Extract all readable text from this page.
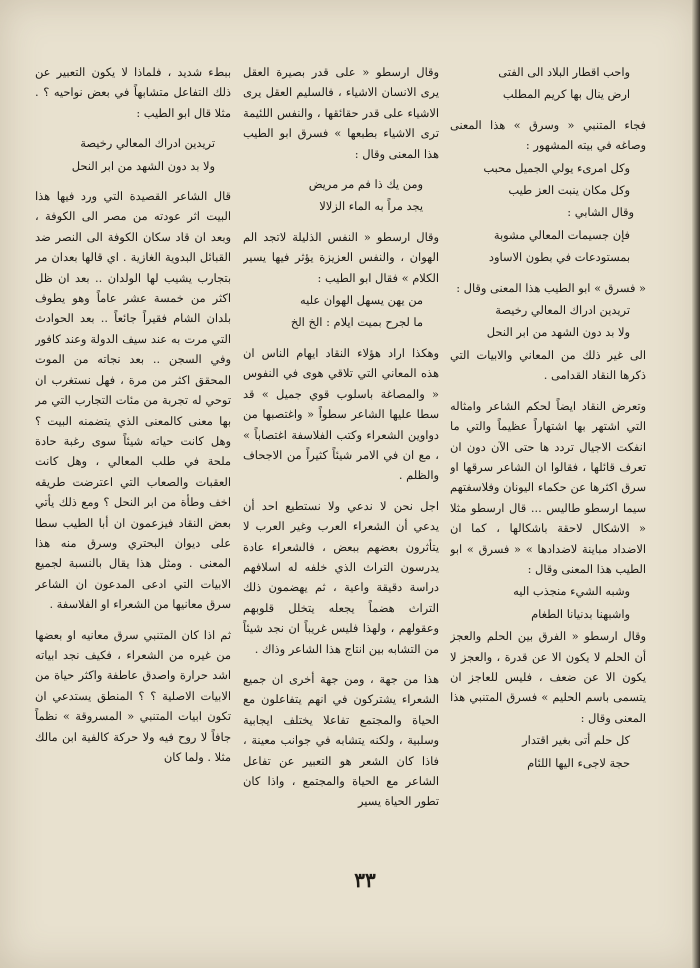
واحب اقطار البلاد الى الفتى

ارض ينال بها كريم المطلب

فجاء المتنبي « وسرق » هذا المعنى وصاغه في بيته المشهور :

وكل امرىء يولي الجميل محبب

وكل مكان ينبت العز طيب

وقال الشابي :

فإن جسيمات المعالي مشوبة

بمستودعات في بطون الاساود

« فسرق » ابو الطيب هذا المعنى وقال :

تريدين ادراك المعالي رخيصة

ولا بد دون الشهد من ابر النحل

الى غير ذلك من المعاني والابيات التي ذكرها النقاد القدامى .

وتعرض النقاد ايضاً لحكم الشاعر وامثاله التي اشتهر بها اشتهاراً عظيماً والتي ما انفكت الاجيال تردد ها حتى الآن دون ان تعرف قائلها ، فقالوا ان الشاعر سرقها او سرق اكثرها عن حكماء اليونان وفلاسفتهم سيما ارسطو طاليس ... قال ارسطو مثلا « الاشكال لاحقة باشكالها ، كما ان الاضداد مباينة لاضدادها » « فسرق » ابو الطيب هذا المعنى وقال :

وشبه الشيء منجذب اليه

واشبهنا بدنيانا الطغام

وقال ارسطو « الفرق بين الحلم والعجز أن الحلم لا يكون الا عن قدرة ، والعجز لا يكون الا عن ضعف ، فليس للعاجز ان يتسمى باسم الحليم » فسرق المتنبي هذا المعنى وقال :

كل حلم أتى بغير اقتدار

حجة لاجىء اليها اللئام

وقال ارسطو « على قدر بصيرة العقل يرى الانسان الاشياء ، فالسليم العقل يرى الاشياء على قدر حقائقها ، والنفس اللئيمة ترى الاشياء بطبعها » فسرق ابو الطيب هذا المعنى وقال :

ومن يك ذا فم مر مريض

يجد مراً به الماء الزلالا

وقال ارسطو « النفس الذليلة لاتجد الم الهوان ، والنفس العزيزة يؤثر فيها يسير الكلام » فقال ابو الطيب :

من يهن يسهل الهوان عليه

ما لجرح بميت ايلام : الخ الخ

وهكذا اراد هؤلاء النقاد ايهام الناس ان هذه المعاني التي تلاقي هوى في النفوس « والمصاغة باسلوب قوي جميل » قد سطا عليها الشاعر سطواً « واغتصبها من دواوين الشعراء وكتب الفلاسفة اغتصاباً » ، مع ان في الامر شيئاً كثيراً من الاجحاف والظلم .

اجل نحن لا ندعي ولا نستطيع احد أن يدعي أن الشعراء العرب وغير العرب لا يتأثرون بعضهم ببعض ، فالشعراء عادة يدرسون التراث الذي خلفه له اسلافهم دراسة دقيقة واعية ، ثم يهضمون ذلك التراث هضماً يجعله يتخلل قلوبهم وعقولهم ، ولهذا فليس غريباً ان نجد شيئاً من التشابه بين انتاج هذا الشاعر وذاك .

هذا من جهة ، ومن جهة أخرى ان جميع الشعراء يشتركون في انهم يتفاعلون مع الحياة والمجتمع تفاعلا يختلف ايجابية وسلبية ، ولكنه يتشابه في جوانب معينة ، فاذا كان الشعر هو التعبير عن تفاعل الشاعر مع الحياة والمجتمع ، واذا كان تطور الحياة يسير

ببطء شديد ، فلماذا لا يكون التعبير عن ذلك التفاعل متشابهاً في بعض نواحيه ؟ . مثلا قال ابو الطيب :

تريدين ادراك المعالي رخيصة

ولا بد دون الشهد من ابر النحل

قال الشاعر القصيدة التي ورد فيها هذا البيت اثر عودته من مصر الى الكوفة ، وبعد ان قاد سكان الكوفة الى النصر ضد القبائل البدوية الغازية . اي قالها بعدان مر بتجارب يشيب لها الولدان .. بعد ان ظل اكثر من خمسة عشر عاماً وهو يطوف بلدان الشام فقيراً جائعاً .. بعد الحوادث التي مرت به عند سيف الدولة وعند كافور وفي السجن .. بعد نجاته من الموت المحقق اكثر من مرة ، فهل نستغرب ان توحي له تجربة من مئات التجارب التي مر بها معنى كالمعنى الذي يتضمنه البيت ؟ وهل كانت حياته شيئاً سوى رغبة حادة ملحة في طلب المعالي ، وهل كانت العقبات والصعاب التي اعترضت طريقه اخف وطأة من ابر النحل ؟ ومع ذلك يأتي بعض النقاد فيزعمون ان أبا الطيب سطا على ديوان البحتري وسرق منه هذا المعنى . ومثل هذا يقال بالنسبة لجميع الابيات التي ادعى المدعون ان الشاعر سرق معانيها من الشعراء او الفلاسفة .

ثم اذا كان المتنبي سرق معانيه او بعضها من غيره من الشعراء ، فكيف نجد ابياته اشد حرارة واصدق عاطفة واكثر حياة من الابيات الاصلية ؟ ؟ المنطق يستدعي ان تكون ابيات المتنبي « المسروقة » نظماً جافاً لا روح فيه ولا حركة كالفية ابن مالك مثلا . ولما كان

٣٣
